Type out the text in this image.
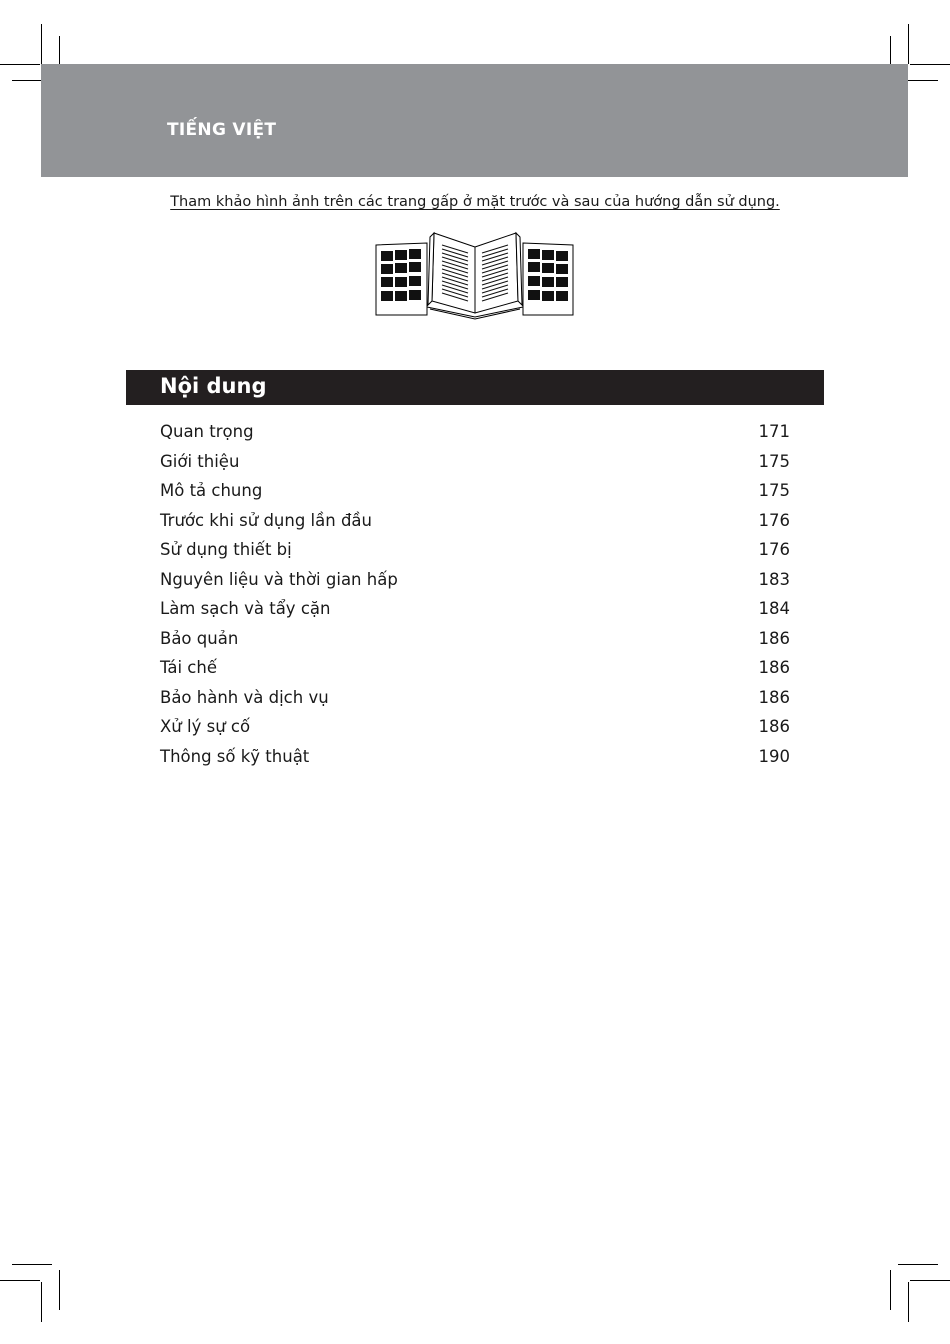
TIẾNG VIỆT
Tham khảo hình ảnh trên các trang gấp ở mặt trước và sau của hướng dẫn sử dụng.
Nội dung
Quan trọng	171
Giới thiệu	175
Mô tả chung	175
Trước khi sử dụng lần đầu	176
Sử dụng thiết bị	176
Nguyên liệu và thời gian hấp	183
Làm sạch và tẩy cặn	184
Bảo quản	186
Tái chế	186
Bảo hành và dịch vụ	186
Xử lý sự cố	186
Thông số kỹ thuật	190
